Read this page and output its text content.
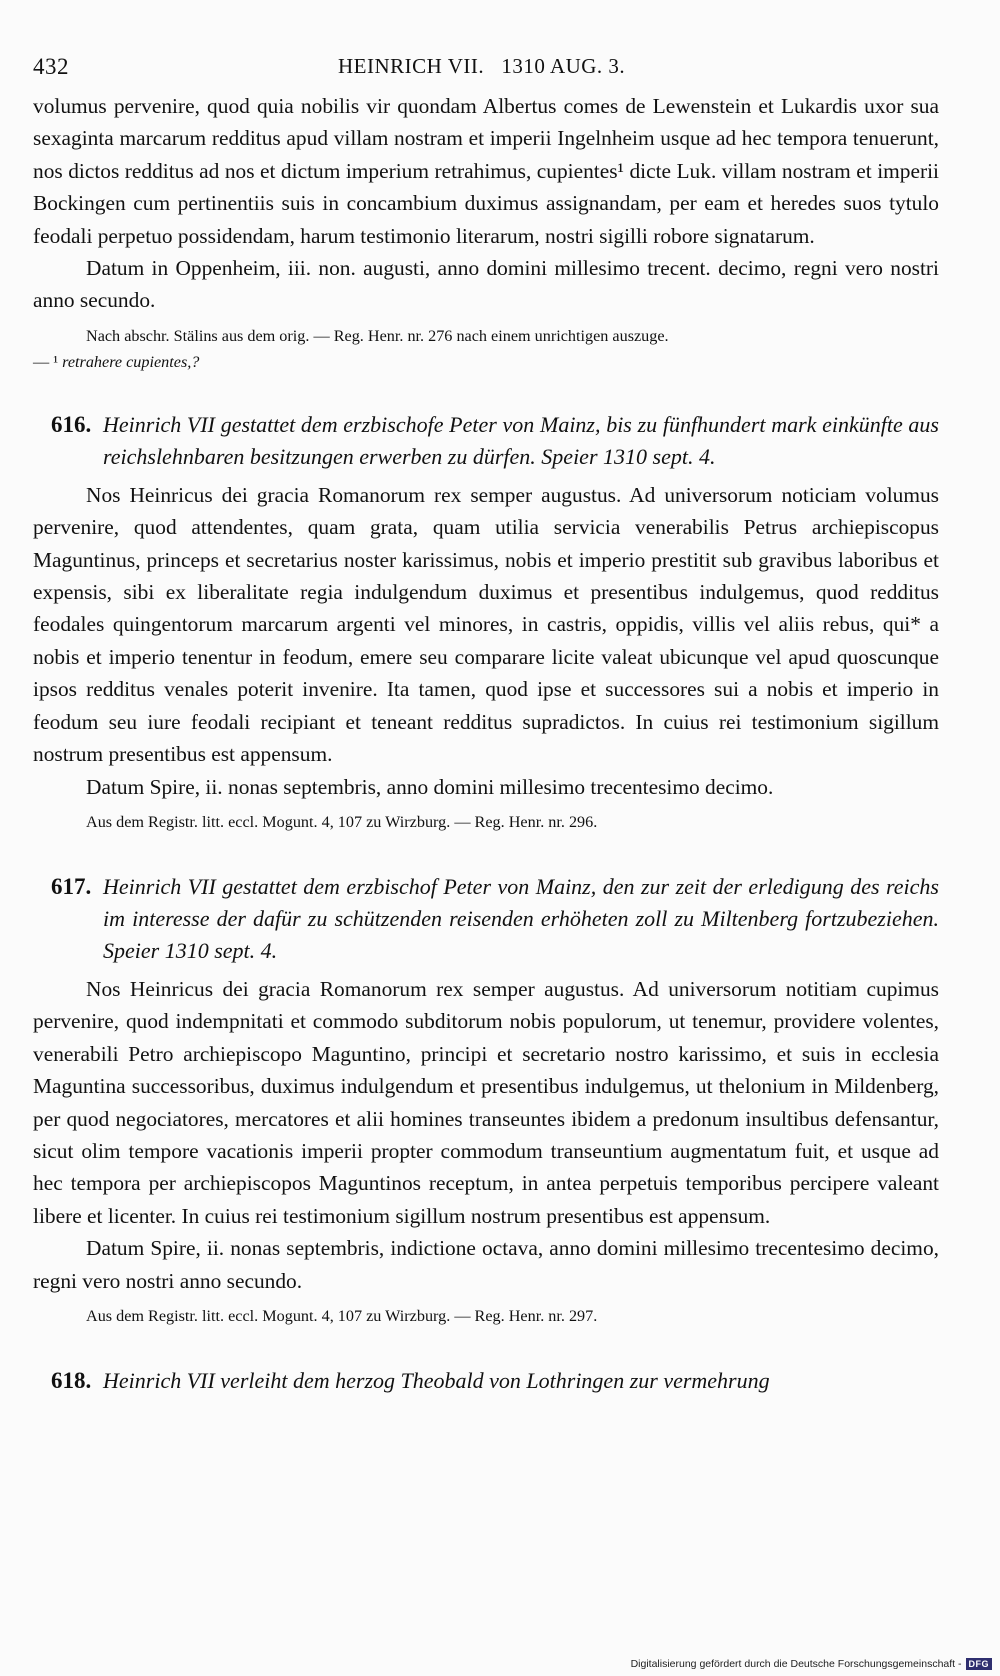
432	HEINRICH VII.   1310 AUG. 3.

volumus pervenire, quod quia nobilis vir quondam Albertus comes de Lewenstein et Lukardis uxor sua sexaginta marcarum redditus apud villam nostram et imperii Ingelnheim usque ad hec tempora tenuerunt, nos dictos redditus ad nos et dictum imperium retrahimus, cupientes¹ dicte Luk. villam nostram et imperii Bockingen cum pertinentiis suis in concambium duximus assignandam, per eam et heredes suos tytulo feodali perpetuo possidendam, harum testimonio literarum, nostri sigilli robore signatarum.

Datum in Oppenheim, iii. non. augusti, anno domini millesimo trecent. decimo, regni vero nostri anno secundo.

Nach abschr. Stälins aus dem orig. — Reg. Henr. nr. 276 nach einem unrichtigen auszuge.

— ¹ retrahere cupientes,?

616. Heinrich VII gestattet dem erzbischofe Peter von Mainz, bis zu fünfhundert mark einkünfte aus reichslehnbaren besitzungen erwerben zu dürfen. Speier 1310 sept. 4.

Nos Heinricus dei gracia Romanorum rex semper augustus. Ad universorum noticiam volumus pervenire, quod attendentes, quam grata, quam utilia servicia venerabilis Petrus archiepiscopus Maguntinus, princeps et secretarius noster karissimus, nobis et imperio prestitit sub gravibus laboribus et expensis, sibi ex liberalitate regia indulgendum duximus et presentibus indulgemus, quod redditus feodales quingentorum marcarum argenti vel minores, in castris, oppidis, villis vel aliis rebus, qui* a nobis et imperio tenentur in feodum, emere seu comparare licite valeat ubicunque vel apud quoscunque ipsos redditus venales poterit invenire. Ita tamen, quod ipse et successores sui a nobis et imperio in feodum seu iure feodali recipiant et teneant redditus supradictos. In cuius rei testimonium sigillum nostrum presentibus est appensum.

Datum Spire, ii. nonas septembris, anno domini millesimo trecentesimo decimo.

Aus dem Registr. litt. eccl. Mogunt. 4, 107 zu Wirzburg. — Reg. Henr. nr. 296.

617. Heinrich VII gestattet dem erzbischof Peter von Mainz, den zur zeit der erledigung des reichs im interesse der dafür zu schützenden reisenden erhöheten zoll zu Miltenberg fortzubeziehen. Speier 1310 sept. 4.

Nos Heinricus dei gracia Romanorum rex semper augustus. Ad universorum notitiam cupimus pervenire, quod indempnitati et commodo subditorum nobis populorum, ut tenemur, providere volentes, venerabili Petro archiepiscopo Maguntino, principi et secretario nostro karissimo, et suis in ecclesia Maguntina successoribus, duximus indulgendum et presentibus indulgemus, ut thelonium in Mildenberg, per quod negociatores, mercatores et alii homines transeuntes ibidem a predonum insultibus defensantur, sicut olim tempore vacationis imperii propter commodum transeuntium augmentatum fuit, et usque ad hec tempora per archiepiscopos Maguntinos receptum, in antea perpetuis temporibus percipere valeant libere et licenter. In cuius rei testimonium sigillum nostrum presentibus est appensum.

Datum Spire, ii. nonas septembris, indictione octava, anno domini millesimo trecentesimo decimo, regni vero nostri anno secundo.

Aus dem Registr. litt. eccl. Mogunt. 4, 107 zu Wirzburg. — Reg. Henr. nr. 297.

618. Heinrich VII verleiht dem herzog Theobald von Lothringen zur vermehrung
Digitalisierung gefördert durch die Deutsche Forschungsgemeinschaft - DFG
